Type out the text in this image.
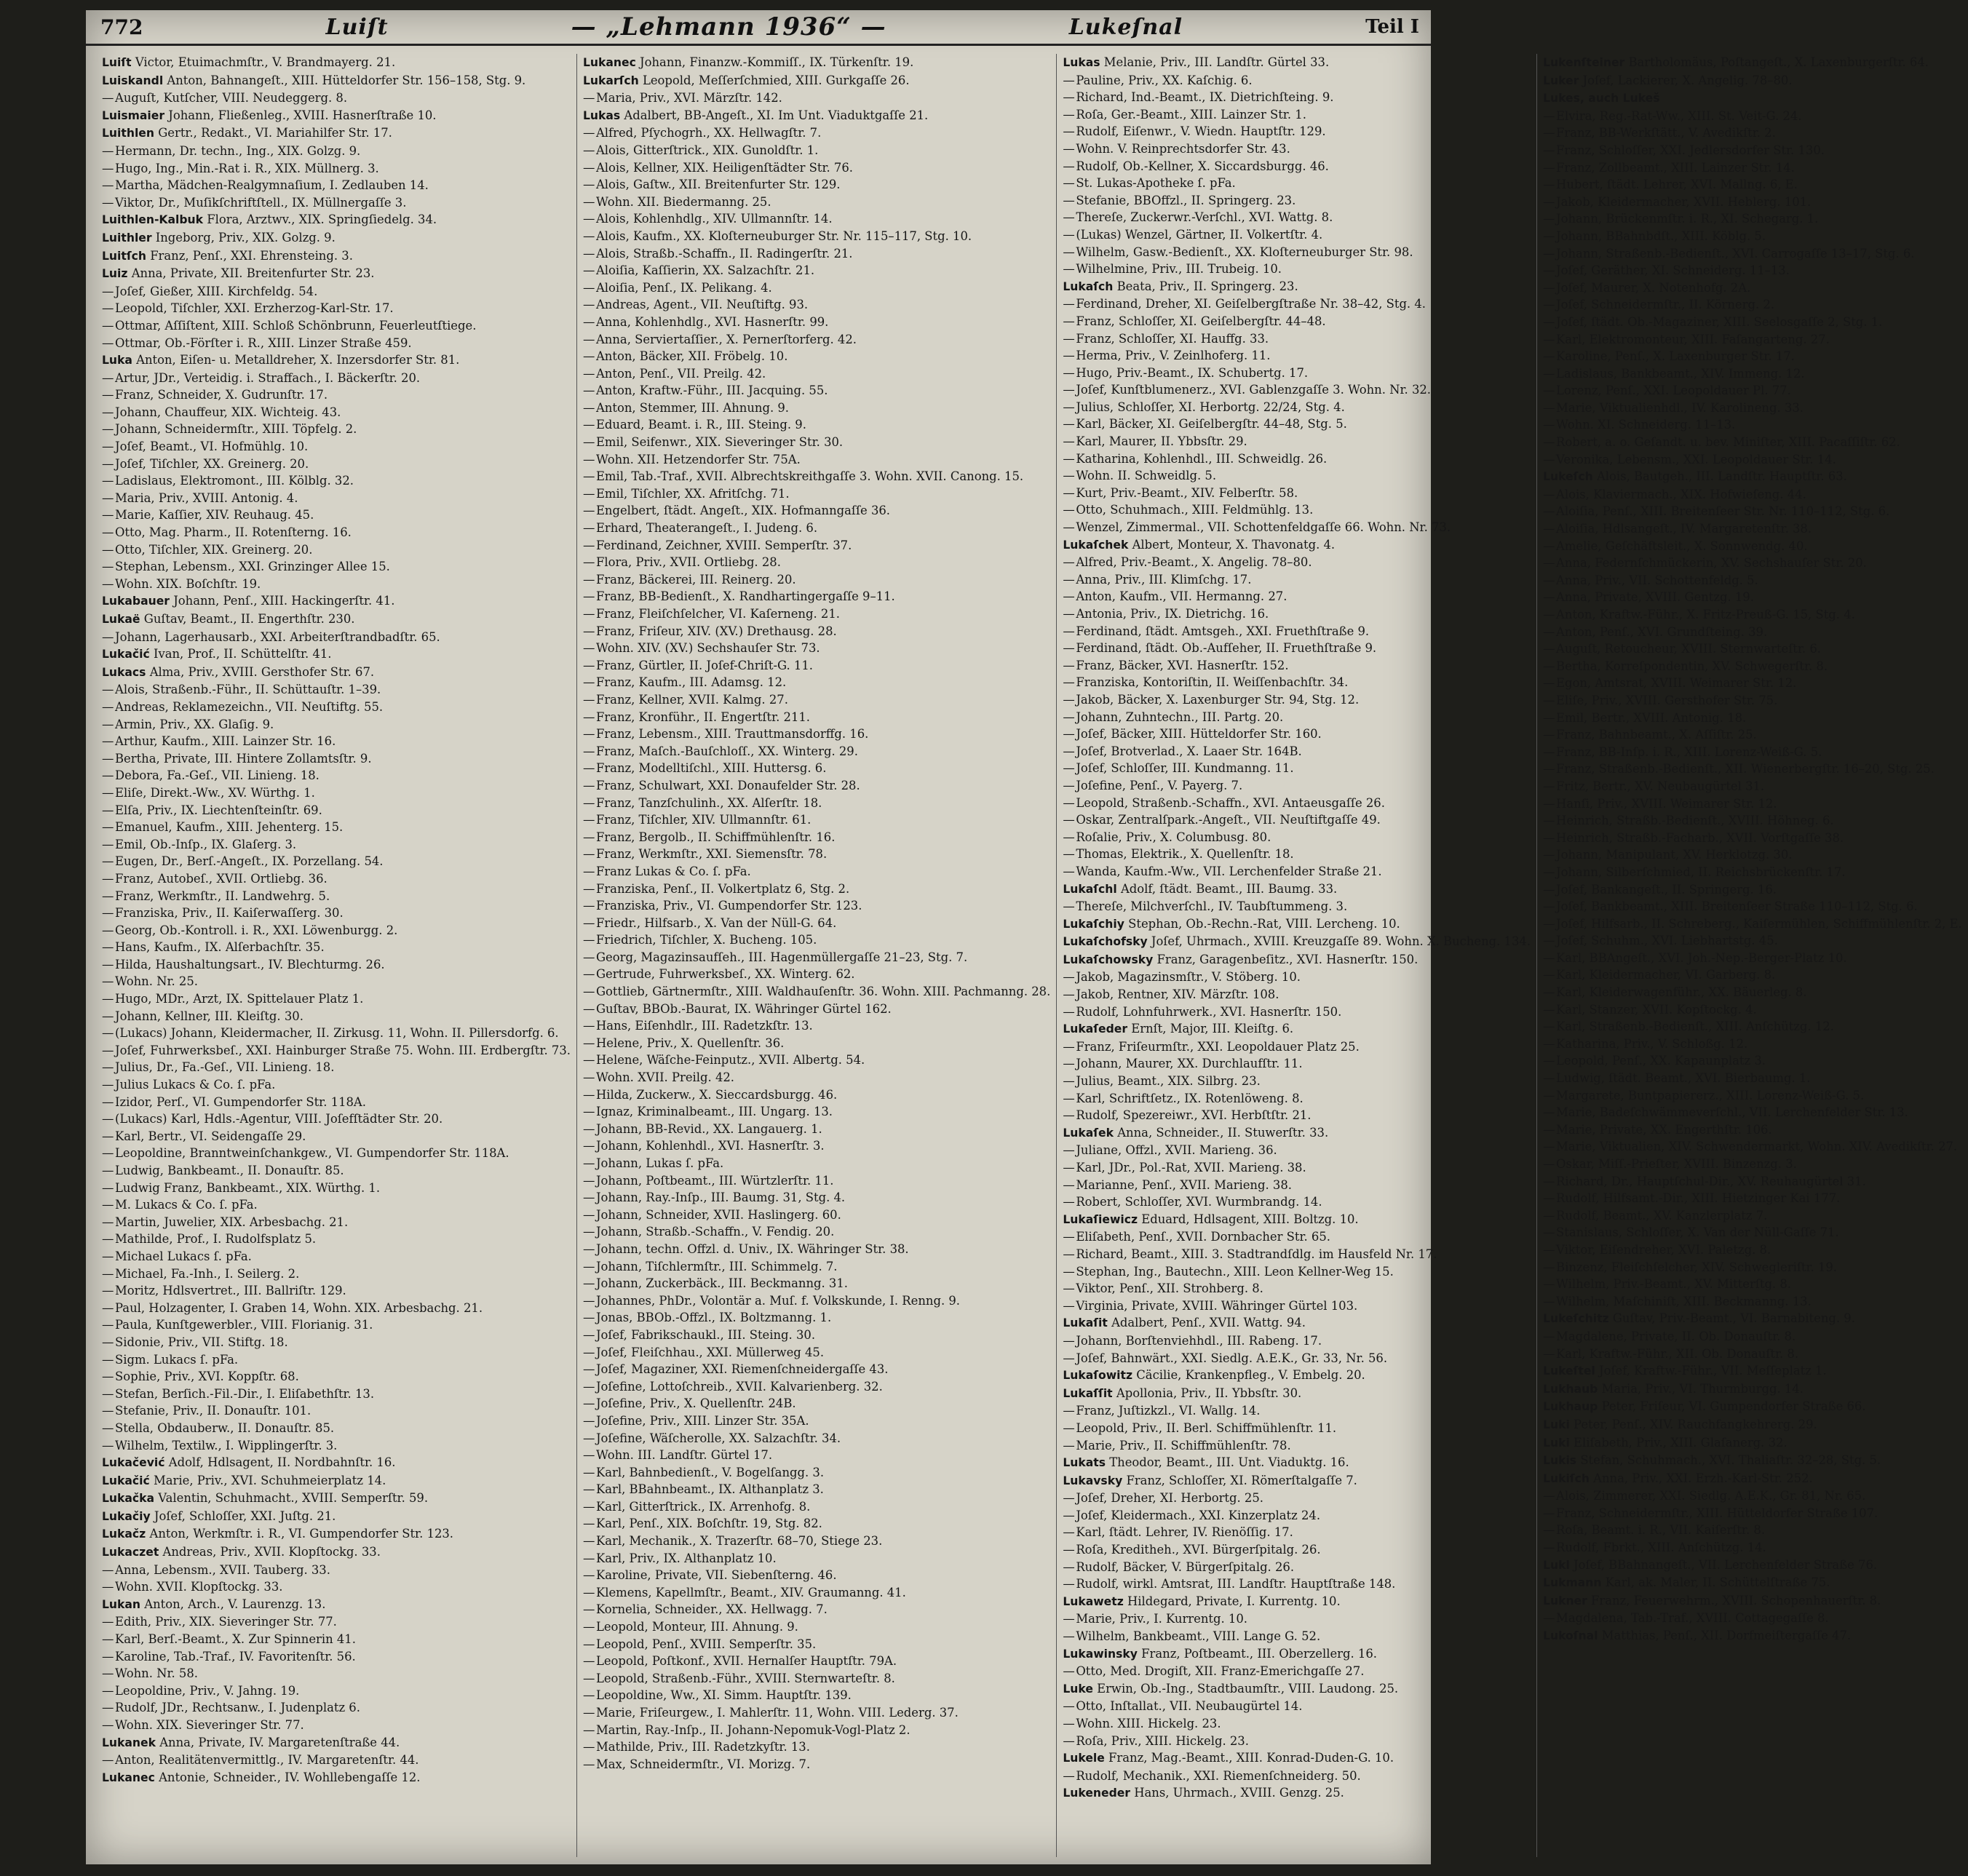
772	Luiſt	— „Lehmann 1936“ —	Lukeſnal	Teil I
Luiſt Victor, Etuimachmſtr., V. Brandmayerg. 21.
Luiskandl Anton, Bahnangeſt., XIII. Hütteldorfer Str. 156–158, Stg. 9.
—Auguſt, Kutſcher, VIII. Neudeggerg. 8.
Luismaier Johann, Fließenleg., XVIII. Hasnerſtraße 10.
Luithlen Gertr., Redakt., VI. Mariahilfer Str. 17.
—Hermann, Dr. techn., Ing., XIX. Golzg. 9.
—Hugo, Ing., Min.-Rat i. R., XIX. Müllnerg. 3.
—Martha, Mädchen-Realgymnaſium, I. Zedlauben 14.
—Viktor, Dr., Muſikſchriftſtell., IX. Müllnergaſſe 3.
Luithlen-Kalbuk Flora, Arztwv., XIX. Springſiedelg. 34.
Luithler Ingeborg, Priv., XIX. Golzg. 9.
Luitſch Franz, Penſ., XXI. Ehrensteing. 3.
Luiz Anna, Private, XII. Breitenfurter Str. 23.
—Joſef, Gießer, XIII. Kirchfeldg. 54.
—Leopold, Tiſchler, XXI. Erzherzog-Karl-Str. 17.
—Ottmar, Aſſiſtent, XIII. Schloß Schönbrunn, Feuerleutſtiege.
—Ottmar, Ob.-Förſter i. R., XIII. Linzer Straße 459.
Luka Anton, Eiſen- u. Metalldreher, X. Inzersdorfer Str. 81.
—Artur, JDr., Verteidig. i. Straffach., I. Bäckerſtr. 20.
—Franz, Schneider, X. Gudrunſtr. 17.
—Johann, Chauffeur, XIX. Wichteig. 43.
—Johann, Schneidermſtr., XIII. Töpfelg. 2.
—Joſef, Beamt., VI. Hofmühlg. 10.
—Joſef, Tiſchler, XX. Greinerg. 20.
—Ladislaus, Elektromont., III. Kölblg. 32.
—Maria, Priv., XVIII. Antonig. 4.
—Marie, Kaſſier, XIV. Reuhaug. 45.
—Otto, Mag. Pharm., II. Rotenſterng. 16.
—Otto, Tiſchler, XIX. Greinerg. 20.
—Stephan, Lebensm., XXI. Grinzinger Allee 15.
—Wohn. XIX. Boſchſtr. 19.
Lukabauer Johann, Penſ., XIII. Hackingerſtr. 41.
Lukaë Guſtav, Beamt., II. Engerthſtr. 230.
—Johann, Lagerhausarb., XXI. Arbeiterſtrandbadſtr. 65.
Lukačić Ivan, Prof., II. Schüttelſtr. 41.
Lukacs Alma, Priv., XVIII. Gersthofer Str. 67.
—Alois, Straßenb.-Führ., II. Schüttauſtr. 1–39.
—Andreas, Reklamezeichn., VII. Neuſtiftg. 55.
—Armin, Priv., XX. Glaſig. 9.
—Arthur, Kaufm., XIII. Lainzer Str. 16.
—Bertha, Private, III. Hintere Zollamtsſtr. 9.
—Debora, Fa.-Geſ., VII. Linieng. 18.
—Eliſe, Direkt.-Ww., XV. Würthg. 1.
—Elſa, Priv., IX. Liechtenſteinſtr. 69.
—Emanuel, Kaufm., XIII. Jehenterg. 15.
—Emil, Ob.-Inſp., IX. Glaſerg. 3.
—Eugen, Dr., Berſ.-Angeſt., IX. Porzellang. 54.
—Franz, Autobeſ., XVII. Ortliebg. 36.
—Franz, Werkmſtr., II. Landwehrg. 5.
—Franziska, Priv., II. Kaiſerwaſſerg. 30.
—Georg, Ob.-Kontroll. i. R., XXI. Löwenburgg. 2.
—Hans, Kaufm., IX. Alſerbachſtr. 35.
—Hilda, Haushaltungsart., IV. Blechturmg. 26.
—Wohn. Nr. 25.
—Hugo, MDr., Arzt, IX. Spittelauer Platz 1.
—Johann, Kellner, III. Kleiſtg. 30.
—(Lukacs) Johann, Kleidermacher, II. Zirkusg. 11, Wohn. II. Pillersdorfg. 6.
—Joſef, Fuhrwerksbeſ., XXI. Hainburger Straße 75. Wohn. III. Erdbergſtr. 73.
—Julius, Dr., Fa.-Geſ., VII. Linieng. 18.
—Julius Lukacs & Co. ſ. pFa.
—Izidor, Perſ., VI. Gumpendorfer Str. 118A.
—(Lukacs) Karl, Hdls.-Agentur, VIII. Joſefſtädter Str. 20.
—Karl, Bertr., VI. Seidengaſſe 29.
—Leopoldine, Branntweinſchankgew., VI. Gumpendorfer Str. 118A.
—Ludwig, Bankbeamt., II. Donauſtr. 85.
—Ludwig Franz, Bankbeamt., XIX. Würthg. 1.
—M. Lukacs & Co. ſ. pFa.
—Martin, Juwelier, XIX. Arbesbachg. 21.
—Mathilde, Prof., I. Rudolfsplatz 5.
—Michael Lukacs ſ. pFa.
—Michael, Fa.-Inh., I. Seilerg. 2.
—Moritz, Hdlsvertret., III. Ballriſtr. 129.
—Paul, Holzagenter, I. Graben 14, Wohn. XIX. Arbesbachg. 21.
—Paula, Kunſtgewerbler., VIII. Florianig. 31.
—Sidonie, Priv., VII. Stiftg. 18.
—Sigm. Lukacs ſ. pFa.
—Sophie, Priv., XVI. Koppſtr. 68.
—Stefan, Berſich.-Fil.-Dir., I. Eliſabethſtr. 13.
—Stefanie, Priv., II. Donauſtr. 101.
—Stella, Obdauberw., II. Donauſtr. 85.
—Wilhelm, Textilw., I. Wipplingerſtr. 3.
Lukačević Adolf, Hdlsagent, II. Nordbahnſtr. 16.
Lukačić Marie, Priv., XVI. Schuhmeierplatz 14.
Lukačka Valentin, Schuhmacht., XVIII. Semperſtr. 59.
Lukačiy Joſef, Schloſſer, XXI. Juſtg. 21.
Lukačz Anton, Werkmſtr. i. R., VI. Gumpendorfer Str. 123.
Lukaczet Andreas, Priv., XVII. Klopſtockg. 33.
—Anna, Lebensm., XVII. Tauberg. 33.
—Wohn. XVII. Klopſtockg. 33.
Lukan Anton, Arch., V. Laurenzg. 13.
—Edith, Priv., XIX. Sieveringer Str. 77.
—Karl, Berſ.-Beamt., X. Zur Spinnerin 41.
—Karoline, Tab.-Traf., IV. Favoritenſtr. 56.
—Wohn. Nr. 58.
—Leopoldine, Priv., V. Jahng. 19.
—Rudolf, JDr., Rechtsanw., I. Judenplatz 6.
—Wohn. XIX. Sieveringer Str. 77.
Lukanek Anna, Private, IV. Margaretenſtraße 44.
—Anton, Realitätenvermittlg., IV. Margaretenſtr. 44.
Lukanec Antonie, Schneider., IV. Wohllebengaſſe 12.
Lukanec Johann, Finanzw.-Kommiſſ., IX. Türkenſtr. 19.
Lukarſch Leopold, Meſſerſchmied, XIII. Gurkgaſſe 26.
—Maria, Priv., XVI. Märzſtr. 142.
Lukas Adalbert, BB-Angeſt., XI. Im Unt. Viaduktgaſſe 21.
—Alfred, Pſychogrh., XX. Hellwagſtr. 7.
—Alois, Gitterſtrick., XIX. Gunoldſtr. 1.
—Alois, Kellner, XIX. Heiligenſtädter Str. 76.
—Alois, Gaſtw., XII. Breitenfurter Str. 129.
—Wohn. XII. Biedermanng. 25.
—Alois, Kohlenhdlg., XIV. Ullmannſtr. 14.
—Alois, Kaufm., XX. Kloſterneuburger Str. Nr. 115–117, Stg. 10.
—Alois, Straßb.-Schaffn., II. Radingerſtr. 21.
—Aloiſia, Kaſſierin, XX. Salzachſtr. 21.
—Aloiſia, Penſ., IX. Pelikang. 4.
—Andreas, Agent., VII. Neuſtiftg. 93.
—Anna, Kohlenhdlg., XVI. Hasnerſtr. 99.
—Anna, Serviertaſſier., X. Pernerſtorferg. 42.
—Anton, Bäcker, XII. Fröbelg. 10.
—Anton, Penſ., VII. Preilg. 42.
—Anton, Kraftw.-Führ., III. Jacquing. 55.
—Anton, Stemmer, III. Ahnung. 9.
—Eduard, Beamt. i. R., III. Steing. 9.
—Emil, Seifenwr., XIX. Sieveringer Str. 30.
—Wohn. XII. Hetzendorfer Str. 75A.
—Emil, Tab.-Traf., XVII. Albrechtskreithgaſſe 3. Wohn. XVII. Canong. 15.
—Emil, Tiſchler, XX. Afritſchg. 71.
—Engelbert, ſtädt. Angeſt., XIX. Hofmanngaſſe 36.
—Erhard, Theaterangeſt., I. Judeng. 6.
—Ferdinand, Zeichner, XVIII. Semperſtr. 37.
—Flora, Priv., XVII. Ortliebg. 28.
—Franz, Bäckerei, III. Reinerg. 20.
—Franz, BB-Bedienſt., X. Randhartingergaſſe 9–11.
—Franz, Fleiſchſelcher, VI. Kaſerneng. 21.
—Franz, Friſeur, XIV. (XV.) Drethausg. 28.
—Wohn. XIV. (XV.) Sechshauſer Str. 73.
—Franz, Gürtler, II. Joſef-Chriſt-G. 11.
—Franz, Kaufm., III. Adamsg. 12.
—Franz, Kellner, XVII. Kalmg. 27.
—Franz, Kronführ., II. Engertſtr. 211.
—Franz, Lebensm., XIII. Trauttmansdorffg. 16.
—Franz, Maſch.-Bauſchloſſ., XX. Winterg. 29.
—Franz, Modelltiſchl., XIII. Huttersg. 6.
—Franz, Schulwart, XXI. Donaufelder Str. 28.
—Franz, Tanzſchulinh., XX. Alſerſtr. 18.
—Franz, Tiſchler, XIV. Ullmannſtr. 61.
—Franz, Bergolb., II. Schiffmühlenſtr. 16.
—Franz, Werkmſtr., XXI. Siemensſtr. 78.
—Franz Lukas & Co. ſ. pFa.
—Franziska, Penſ., II. Volkertplatz 6, Stg. 2.
—Franziska, Priv., VI. Gumpendorfer Str. 123.
—Friedr., Hilfsarb., X. Van der Nüll-G. 64.
—Friedrich, Tiſchler, X. Bucheng. 105.
—Georg, Magazinsaufſeh., III. Hagenmüllergaſſe 21–23, Stg. 7.
—Gertrude, Fuhrwerksbeſ., XX. Winterg. 62.
—Gottlieb, Gärtnermſtr., XIII. Waldhauſenſtr. 36. Wohn. XIII. Pachmanng. 28.
—Guſtav, BBOb.-Baurat, IX. Währinger Gürtel 162.
—Hans, Eiſenhdlr., III. Radetzkſtr. 13.
—Helene, Priv., X. Quellenſtr. 36.
—Helene, Wäſche-Feinputz., XVII. Albertg. 54.
—Wohn. XVII. Preilg. 42.
—Hilda, Zuckerw., X. Sieccardsburgg. 46.
—Ignaz, Kriminalbeamt., III. Ungarg. 13.
—Johann, BB-Revid., XX. Langauerg. 1.
—Johann, Kohlenhdl., XVI. Hasnerſtr. 3.
—Johann, Lukas ſ. pFa.
—Johann, Poſtbeamt., III. Würtzlerſtr. 11.
—Johann, Ray.-Inſp., III. Baumg. 31, Stg. 4.
—Johann, Schneider, XVII. Haslingerg. 60.
—Johann, Straßb.-Schaffn., V. Fendig. 20.
—Johann, techn. Offzl. d. Univ., IX. Währinger Str. 38.
—Johann, Tiſchlermſtr., III. Schimmelg. 7.
—Johann, Zuckerbäck., III. Beckmanng. 31.
—Johannes, PhDr., Volontär a. Muſ. f. Volkskunde, I. Renng. 9.
—Jonas, BBOb.-Offzl., IX. Boltzmanng. 1.
—Joſef, Fabrikschaukl., III. Steing. 30.
—Joſef, Fleiſchhau., XXI. Müllerweg 45.
—Joſef, Magaziner, XXI. Riemenſchneidergaſſe 43.
—Joſefine, Lottoſchreib., XVII. Kalvarienberg. 32.
—Joſefine, Priv., X. Quellenſtr. 24B.
—Joſefine, Priv., XIII. Linzer Str. 35A.
—Joſefine, Wäſcherolle, XX. Salzachſtr. 34.
—Wohn. III. Landſtr. Gürtel 17.
—Karl, Bahnbedienſt., V. Bogelſangg. 3.
—Karl, BBahnbeamt., IX. Althanplatz 3.
—Karl, Gitterſtrick., IX. Arrenhofg. 8.
—Karl, Penſ., XIX. Boſchſtr. 19, Stg. 82.
—Karl, Mechanik., X. Trazerſtr. 68–70, Stiege 23.
—Karl, Priv., IX. Althanplatz 10.
—Karoline, Private, VII. Siebenſterng. 46.
—Klemens, Kapellmſtr., Beamt., XIV. Graumanng. 41.
—Kornelia, Schneider., XX. Hellwagg. 7.
—Leopold, Monteur, III. Ahnung. 9.
—Leopold, Penſ., XVIII. Semperſtr. 35.
—Leopold, Poſtkonf., XVII. Hernalſer Hauptſtr. 79A.
—Leopold, Straßenb.-Führ., XVIII. Sternwarteſtr. 8.
—Leopoldine, Ww., XI. Simm. Hauptſtr. 139.
—Marie, Friſeurgew., I. Mahlerſtr. 11, Wohn. VIII. Lederg. 37.
—Martin, Ray.-Inſp., II. Johann-Nepomuk-Vogl-Platz 2.
—Mathilde, Priv., III. Radetzkyſtr. 13.
—Max, Schneidermſtr., VI. Morizg. 7.
Lukas Melanie, Priv., III. Landſtr. Gürtel 33.
—Pauline, Priv., XX. Kaſchig. 6.
—Richard, Ind.-Beamt., IX. Dietrichſteing. 9.
—Roſa, Ger.-Beamt., XIII. Lainzer Str. 1.
—Rudolf, Eiſenwr., V. Wiedn. Hauptſtr. 129.
—Wohn. V. Reinprechtsdorfer Str. 43.
—Rudolf, Ob.-Kellner, X. Siccardsburgg. 46.
—St. Lukas-Apotheke ſ. pFa.
—Stefanie, BBOffzl., II. Springerg. 23.
—Thereſe, Zuckerwr.-Verſchl., XVI. Wattg. 8.
—(Lukas) Wenzel, Gärtner, II. Volkertſtr. 4.
—Wilhelm, Gasw.-Bedienſt., XX. Kloſterneuburger Str. 98.
—Wilhelmine, Priv., III. Trubeig. 10.
Lukaſch Beata, Priv., II. Springerg. 23.
—Ferdinand, Dreher, XI. Geiſelbergſtraße Nr. 38–42, Stg. 4.
—Franz, Schloſſer, XI. Geiſelbergſtr. 44–48.
—Franz, Schloſſer, XI. Hauffg. 33.
—Herma, Priv., V. Zeinlhoferg. 11.
—Hugo, Priv.-Beamt., IX. Schubertg. 17.
—Joſef, Kunſtblumenerz., XVI. Gablenzgaſſe 3. Wohn. Nr. 32.
—Julius, Schloſſer, XI. Herbortg. 22/24, Stg. 4.
—Karl, Bäcker, XI. Geiſelbergſtr. 44–48, Stg. 5.
—Karl, Maurer, II. Ybbsſtr. 29.
—Katharina, Kohlenhdl., III. Schweidlg. 26.
—Wohn. II. Schweidlg. 5.
—Kurt, Priv.-Beamt., XIV. Felberſtr. 58.
—Otto, Schuhmach., XIII. Feldmühlg. 13.
—Wenzel, Zimmermal., VII. Schottenfeldgaſſe 66. Wohn. Nr. 73.
Lukaſchek Albert, Monteur, X. Thavonatg. 4.
—Alfred, Priv.-Beamt., X. Angelig. 78–80.
—Anna, Priv., III. Klimſchg. 17.
—Anton, Kaufm., VII. Hermanng. 27.
—Antonia, Priv., IX. Dietrichg. 16.
—Ferdinand, ſtädt. Amtsgeh., XXI. Fruethſtraße 9.
—Ferdinand, ſtädt. Ob.-Aufſeher, II. Fruethſtraße 9.
—Franz, Bäcker, XVI. Hasnerſtr. 152.
—Franziska, Kontoriſtin, II. Weiſſenbachſtr. 34.
—Jakob, Bäcker, X. Laxenburger Str. 94, Stg. 12.
—Johann, Zuhntechn., III. Partg. 20.
—Joſef, Bäcker, XIII. Hütteldorfer Str. 160.
—Joſef, Brotverlad., X. Laaer Str. 164B.
—Joſef, Schloſſer, III. Kundmanng. 11.
—Joſefine, Penſ., V. Payerg. 7.
—Leopold, Straßenb.-Schaffn., XVI. Antaeusgaſſe 26.
—Oskar, Zentralſpark.-Angeſt., VII. Neuſtiftgaſſe 49.
—Roſalie, Priv., X. Columbusg. 80.
—Thomas, Elektrik., X. Quellenſtr. 18.
—Wanda, Kaufm.-Ww., VII. Lerchenfelder Straße 21.
Lukaſchl Adolf, ſtädt. Beamt., III. Baumg. 33.
—Thereſe, Milchverſchl., IV. Taubſtummeng. 3.
Lukaſchiy Stephan, Ob.-Rechn.-Rat, VIII. Lercheng. 10.
Lukaſchofsky Joſef, Uhrmach., XVIII. Kreuzgaſſe 89. Wohn. X. Bucheng. 134.
Lukaſchowsky Franz, Garagenbeſitz., XVI. Hasnerſtr. 150.
—Jakob, Magazinsmſtr., V. Stöberg. 10.
—Jakob, Rentner, XIV. Märzſtr. 108.
—Rudolf, Lohnfuhrwerk., XVI. Hasnerſtr. 150.
Lukaſeder Ernſt, Major, III. Kleiſtg. 6.
—Franz, Friſeurmſtr., XXI. Leopoldauer Platz 25.
—Johann, Maurer, XX. Durchlaufſtr. 11.
—Julius, Beamt., XIX. Silbrg. 23.
—Karl, Schriftſetz., IX. Rotenlöweng. 8.
—Rudolf, Spezereiwr., XVI. Herbſtſtr. 21.
Lukaſek Anna, Schneider., II. Stuwerſtr. 33.
—Juliane, Offzl., XVII. Marieng. 36.
—Karl, JDr., Pol.-Rat, XVII. Marieng. 38.
—Marianne, Penſ., XVII. Marieng. 38.
—Robert, Schloſſer, XVI. Wurmbrandg. 14.
Lukaſiewicz Eduard, Hdlsagent, XIII. Boltzg. 10.
—Eliſabeth, Penſ., XVII. Dornbacher Str. 65.
—Richard, Beamt., XIII. 3. Stadtrandſdlg. im Hausfeld Nr. 17.
—Stephan, Ing., Bautechn., XIII. Leon Kellner-Weg 15.
—Viktor, Penſ., XII. Strohberg. 8.
—Virginia, Private, XVIII. Währinger Gürtel 103.
Lukaſit Adalbert, Penſ., XVII. Wattg. 94.
—Johann, Borſtenviehhdl., III. Rabeng. 17.
—Joſef, Bahnwärt., XXI. Siedlg. A.E.K., Gr. 33, Nr. 56.
Lukaſowitz Cäcilie, Krankenpfleg., V. Embelg. 20.
Lukaſſit Apollonia, Priv., II. Ybbsſtr. 30.
—Franz, Juſtizkzl., VI. Wallg. 14.
—Leopold, Priv., II. Berl. Schiffmühlenſtr. 11.
—Marie, Priv., II. Schiffmühlenſtr. 78.
Lukats Theodor, Beamt., III. Unt. Viaduktg. 16.
Lukavsky Franz, Schloſſer, XI. Römerſtalgaſſe 7.
—Joſef, Dreher, XI. Herbortg. 25.
—Joſef, Kleidermach., XXI. Kinzerplatz 24.
—Karl, ſtädt. Lehrer, IV. Rienöſſig. 17.
—Roſa, Kreditheh., XVI. Bürgerſpitalg. 26.
—Rudolf, Bäcker, V. Bürgerſpitalg. 26.
—Rudolf, wirkl. Amtsrat, III. Landſtr. Hauptſtraße 148.
Lukawetz Hildegard, Private, I. Kurrentg. 10.
—Marie, Priv., I. Kurrentg. 10.
—Wilhelm, Bankbeamt., VIII. Lange G. 52.
Lukawinsky Franz, Poſtbeamt., III. Oberzellerg. 16.
—Otto, Med. Drogiſt, XII. Franz-Emerichgaſſe 27.
Luke Erwin, Ob.-Ing., Stadtbaumſtr., VIII. Laudong. 25.
—Otto, Inſtallat., VII. Neubaugürtel 14.
—Wohn. XIII. Hickelg. 23.
—Roſa, Priv., XIII. Hickelg. 23.
Lukele Franz, Mag.-Beamt., XIII. Konrad-Duden-G. 10.
—Rudolf, Mechanik., XXI. Riemenſchneiderg. 50.
Lukeneder Hans, Uhrmach., XVIII. Genzg. 25.
Lukenſteiner Bartholomäus, Poſtangeſt., X. Laxenburgerſtr. 64.
Luker Joſef, Lackierer, X. Angelig. 78–80.
Lukes, auch Lukeš
—Elvira, Reg.-Rat-Ww., XIII. St. Veit-G. 24.
—Franz, BB-Werkſtätt., V. Avedikſtr. 2.
—Franz, Schloſſer, XXI. Jedlersdorfer Str. 130.
—Franz, Zollbeamt., XIII. Lainzer Str. 14.
—Hubert, ſtädt. Lehrer, XVI. Mallng. 6, E.
—Jakob, Kleidermacher, XVII. Heblerg. 101.
—Johann, Brückenmſtr. i. R., XI. Schegarg. 1.
—Johann, BBahnbdſt., XIII. Köblg. 5.
—Johann, Straßenb.-Bedienſt., XVI. Carrogaſſe 13–17, Stg. 6.
—Joſef, Geräther, XI. Schneiderg. 11–13.
—Joſef, Maurer, X. Notenhofg. 2A.
—Joſef, Schneidermſtr., II. Körnerg. 2.
—Joſef, ſtädt. Ob.-Magaziner, XIII. Seelosgaſſe 2, Stg. 1.
—Karl, Elektromonteur, XIII. Faſangarteng. 27.
—Karoline, Penſ., X. Laxenburger Str. 17.
—Ladislaus, Bankbeamt., XIV. Immeng. 12.
—Lorenz, Penſ., XXI. Leopoldauer Pl. 77.
—Marie, Viktualienhdl., IV. Karolineng. 33.
—Wohn. XI. Schneiderg. 11–13.
—Robert, a. o. Geſandt. u. bev. Miniſter, XIII. Pacaſſiſtr. 62.
—Veronika, Lebensm., XXI. Leopoldauer Str. 14.
Lukeſch Alois, Bautgeh., III. Landſtr. Hauptſtr. 63.
—Alois, Klaviermach., XIX. Hofwieſeng. 44.
—Aloiſia, Penſ., XIII. Breitenſeer Str. Nr. 110–112, Stg. 6.
—Aloiſia, Hdlsangeſt., IV. Margaretenſtr. 38.
—Amelie, Geſchäftsleit., X. Sonnwendg. 40.
—Anna, Federnſchmückerin, XV. Sechshauſer Str. 20.
—Anna, Priv., VII. Schottenfeldg. 5.
—Anna, Private, XVIII. Gentzg. 19.
—Anton, Kraftw.-Führ., X. Fritz-Preuß-G. 15, Stg. 4.
—Anton, Penſ., XVI. Grundſteing. 39.
—Auguſt, Retoucheur, XVIII. Sternwarteſtr. 6.
—Bertha, Korreſpondentin, XV. Schwegerſtr. 8.
—Egon, Amtsrat, XVIII. Weimarer Str. 12.
—Eliſe, Priv., XVIII. Gersthofer Str. 75.
—Emil, Bertr., XVIII. Antonig. 18.
—Franz, Bahnbeamt., X. Aſſiſtr. 25.
—Franz, BB-Inſp. i. R., XIII. Lorenz-Weiß-G. 5.
—Franz, Straßenb.-Bedienſt., XII. Wienerbergſtr. 16–20, Stg. 25.
—Fritz, Bertr., XV. Neubaugürtel 31.
—Hanſi, Priv., XVIII. Weimarer Str. 12.
—Heinrich, Straßb.-Bedienſt., XVIII. Höhneg. 6.
—Heinrich, Straßb.-Facharb., XVII. Vorſtgaſſe 38.
—Johann, Manipulant, XV. Herklotzg. 30.
—Johann, Silberſchmied, II. Reichsbrückenſtr. 17.
—Joſef, Bankangeſt., II. Springerg. 16.
—Joſef, Bankbeamt., XIII. Breitenſeer Straße 110–112, Stg. 6.
—Joſef, Hilfsarb., II. Schreberg., Kaiſermühlen, Schiffmühlenſtr. 2, E.
—Joſef, Schuhm., XVI. Liebhartstg. 45.
—Karl, BBAngeſt., XVI. Joh.-Nep.-Berger-Platz 10.
—Karl, Kleidermacher, VI. Garberg. 8.
—Karl, Kleiderwagenführ., XX. Bäuerleg. 8.
—Karl, Stanzer, XVII. Kopſtockg. 4.
—Karl, Straßenb.-Bedienſt., XIII. Anſchützg. 12.
—Katharina, Priv., V. Schloßg. 12.
—Leopold, Penſ., XX. Kapaunplatz 3.
—Ludwig, ſtädt. Beamt., XVI. Bierbaumg. 1.
—Margarete, Buntpapiererz., XIII. Lorenz-Weiß-G. 5.
—Marie, Badeſchwämmeverſchl., VII. Lerchenfelder Str. 13.
—Marie, Private, XX. Engerthſtr. 106.
—Marie, Viktualien, XIV. Schwendermarkt, Wohn. XIV. Avedikſtr. 27.
—Oskar, Miſſ.-Prieſter, XVIII. Binzenzg. 3.
—Richard, Dr., Hauptſchul-Dir., XV. Reuhaugürtel 31.
—Rudolf, Hilfsamt.-Dir., XIII. Hietzinger Kai 177.
—Rudolf, Beamt., XV. Kanzlerplatz 7.
—Stanislaus, Schloſſer, X. Van der Nüll-Gaſſe 71.
—Viktor, Eiſendreher, XVI. Paletzg. 8.
—Binzenz, Fleiſchſelcher, XIV. Schwegleriſtr. 19.
—Wilhelm, Priv.-Beamt., XV. Mitterſtg. 8.
—Wilhelm, Maſchiniſt, XIII. Beckmanng. 13.
Lukeſchitz Guſtav, Priv.-Beamt., VI. Barnabiteng. 9.
—Magdalene, Private, II. Ob. Donauſtr. 8.
—Karl, Kraftw.-Führ., XII. Ob. Donauſtr. 8.
Lukeſtel Joſef, Kraftw.-Führ., VII. Meſſeplatz 1.
Lukhaub Maria, Priv., VI. Thurmburgg. 14.
Lukhaup Peter, Friſeur, VI. Gumpendorfer Straße 66.
Luki Peter, Penſ., XIV. Rauchfangkehrerg. 29.
Luki Eliſabeth, Priv., XIII. Glaſanerg. 32.
Lukis Stefan, Schuhmach., XVI. Thaliaſtr. 32–28, Stg. 5.
Lukiſch Anna, Priv., XXI. Erzh.-Karl-Str. 252.
—Alois, Zimmerer, XXI. Siedlg. A.E.K., Gr. 81, Nr. 65.
—Franz, Schneidermſtr., XIII. Hütteldorfer Straße 107.
—Roſa, Beamt. i. R., VII. Kaiſerſtr. 8.
—Rudolf, Fbrkt., XIII. Anſchützg. 14.
Lukl Joſef, BBahnangeſt., VII. Lerchenfelder Straße 76.
Lukmann Karl, ak. Maler, II. Schüttelſtraße 75.
Lukner Franz, Feuerwehrm., XVIII. Schopenhauerſtr. 8.
—Magdalena, Tab.-Traf., XVIII. Cottagegaſſe 8.
Lukoſnal Matthias, Penſ., XII. Dorfmeiſtergaſſe 47.
